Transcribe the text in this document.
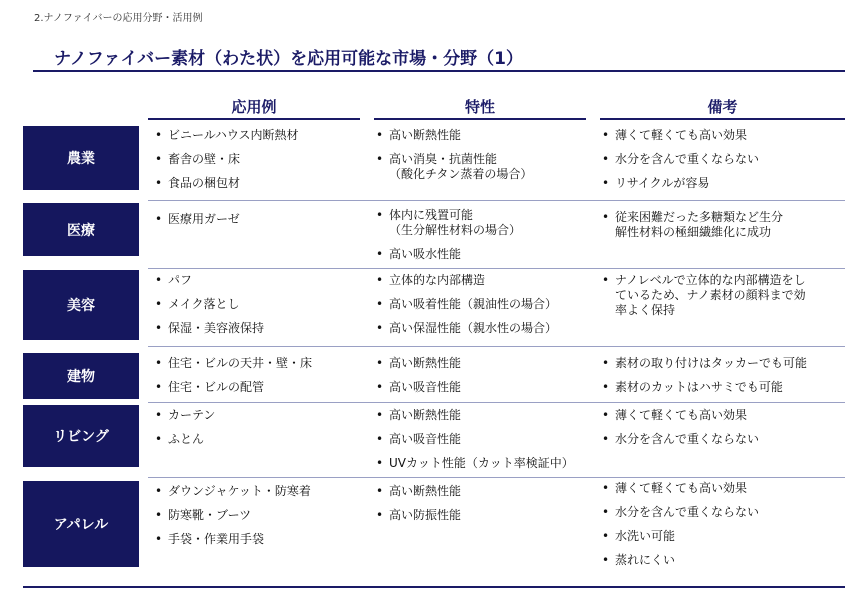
2.ナノファイバーの応用分野・活用例
ナノファイバー素材（わた状）を応用可能な市場・分野（1）
応用例	特性	備考
農業
• ビニールハウス内断熱材
• 畜舎の壁・床
• 食品の梱包材
• 高い断熱性能
• 高い消臭・抗菌性能
（酸化チタン蒸着の場合）
• 薄くて軽くても高い効果
• 水分を含んで重くならない
• リサイクルが容易
医療
• 医療用ガーゼ
•	体内に残置可能
（生分解性材料の場合）
• 高い吸水性能
• 従来困難だった多糖類など生分
解性材料の極細繊維化に成功
美容
• パフ
• メイク落とし
• 保湿・美容液保持
• 立体的な内部構造
• 高い吸着性能（親油性の場合）
• 高い保湿性能（親水性の場合）
• ナノレベルで立体的な内部構造をし
ているため、ナノ素材の顔料まで効
率よく保持
建物
• 住宅・ビルの天井・壁・床
• 住宅・ビルの配管
• 高い断熱性能
• 高い吸音性能
• 素材の取り付けはタッカーでも可能
• 素材のカットはハサミでも可能
リビング
• カーテン
• ふとん
• 高い断熱性能
• 高い吸音性能
• UVカット性能（カット率検証中）
• 薄くて軽くても高い効果
• 水分を含んで重くならない
アパレル
• ダウンジャケット・防寒着
• 防寒靴・ブーツ
• 手袋・作業用手袋
• 高い断熱性能
• 高い防振性能
• 薄くて軽くても高い効果
• 水分を含んで重くならない
• 水洗い可能
• 蒸れにくい
